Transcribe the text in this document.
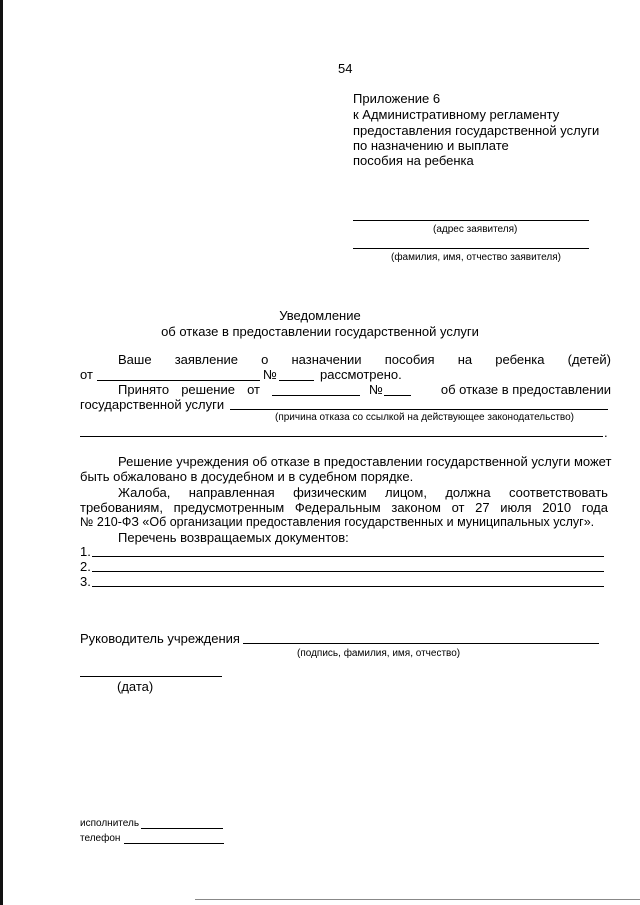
54
Приложение 6
к Административному регламенту
предоставления государственной услуги
по назначению и выплате
пособия на ребенка
(адрес заявителя)
(фамилия, имя, отчество заявителя)
Уведомление
об отказе в предоставлении государственной услуги
Ваше заявление о назначении пособия на ребенка (детей)
от	№	рассмотрено.
Принято решение от	№	об отказе в предоставлении
государственной услуги
(причина отказа со ссылкой на действующее законодательство)
.
Решение учреждения об отказе в предоставлении государственной услуги может
быть обжаловано в досудебном и в судебном порядке.
Жалоба, направленная физическим лицом, должна соответствовать
требованиям, предусмотренным Федеральным законом от 27 июля 2010 года
№ 210-ФЗ «Об организации предоставления государственных и муниципальных услуг».
Перечень возвращаемых документов:
1.
2.
3.
Руководитель учреждения
(подпись, фамилия, имя, отчество)
(дата)
исполнитель
телефон
